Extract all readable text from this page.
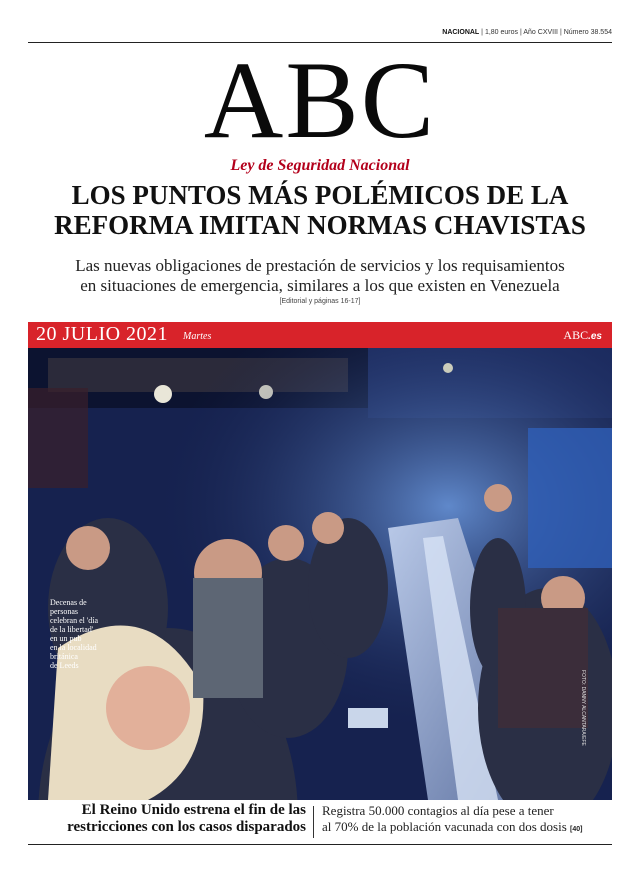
NACIONAL | 1,80 euros | Año CXVIII | Número 38.554
ABC
Ley de Seguridad Nacional
LOS PUNTOS MÁS POLÉMICOS DE LA
REFORMA IMITAN NORMAS CHAVISTAS
Las nuevas obligaciones de prestación de servicios y los requisamientos
en situaciones de emergencia, similares a los que existen en Venezuela
[Editorial y páginas 16-17]
20 JULIO 2021 Martes	ABC.es
Decenas de
personas
celebran el 'día
de la libertad'
en un pub
en la localidad
británica
de Leeds
FOTO: DANNY ALCANTARA/EFE
El Reino Unido estrena el fin de las
restricciones con los casos disparados
Registra 50.000 contagios al día pese a tener
al 70% de la población vacunada con dos dosis [40]
